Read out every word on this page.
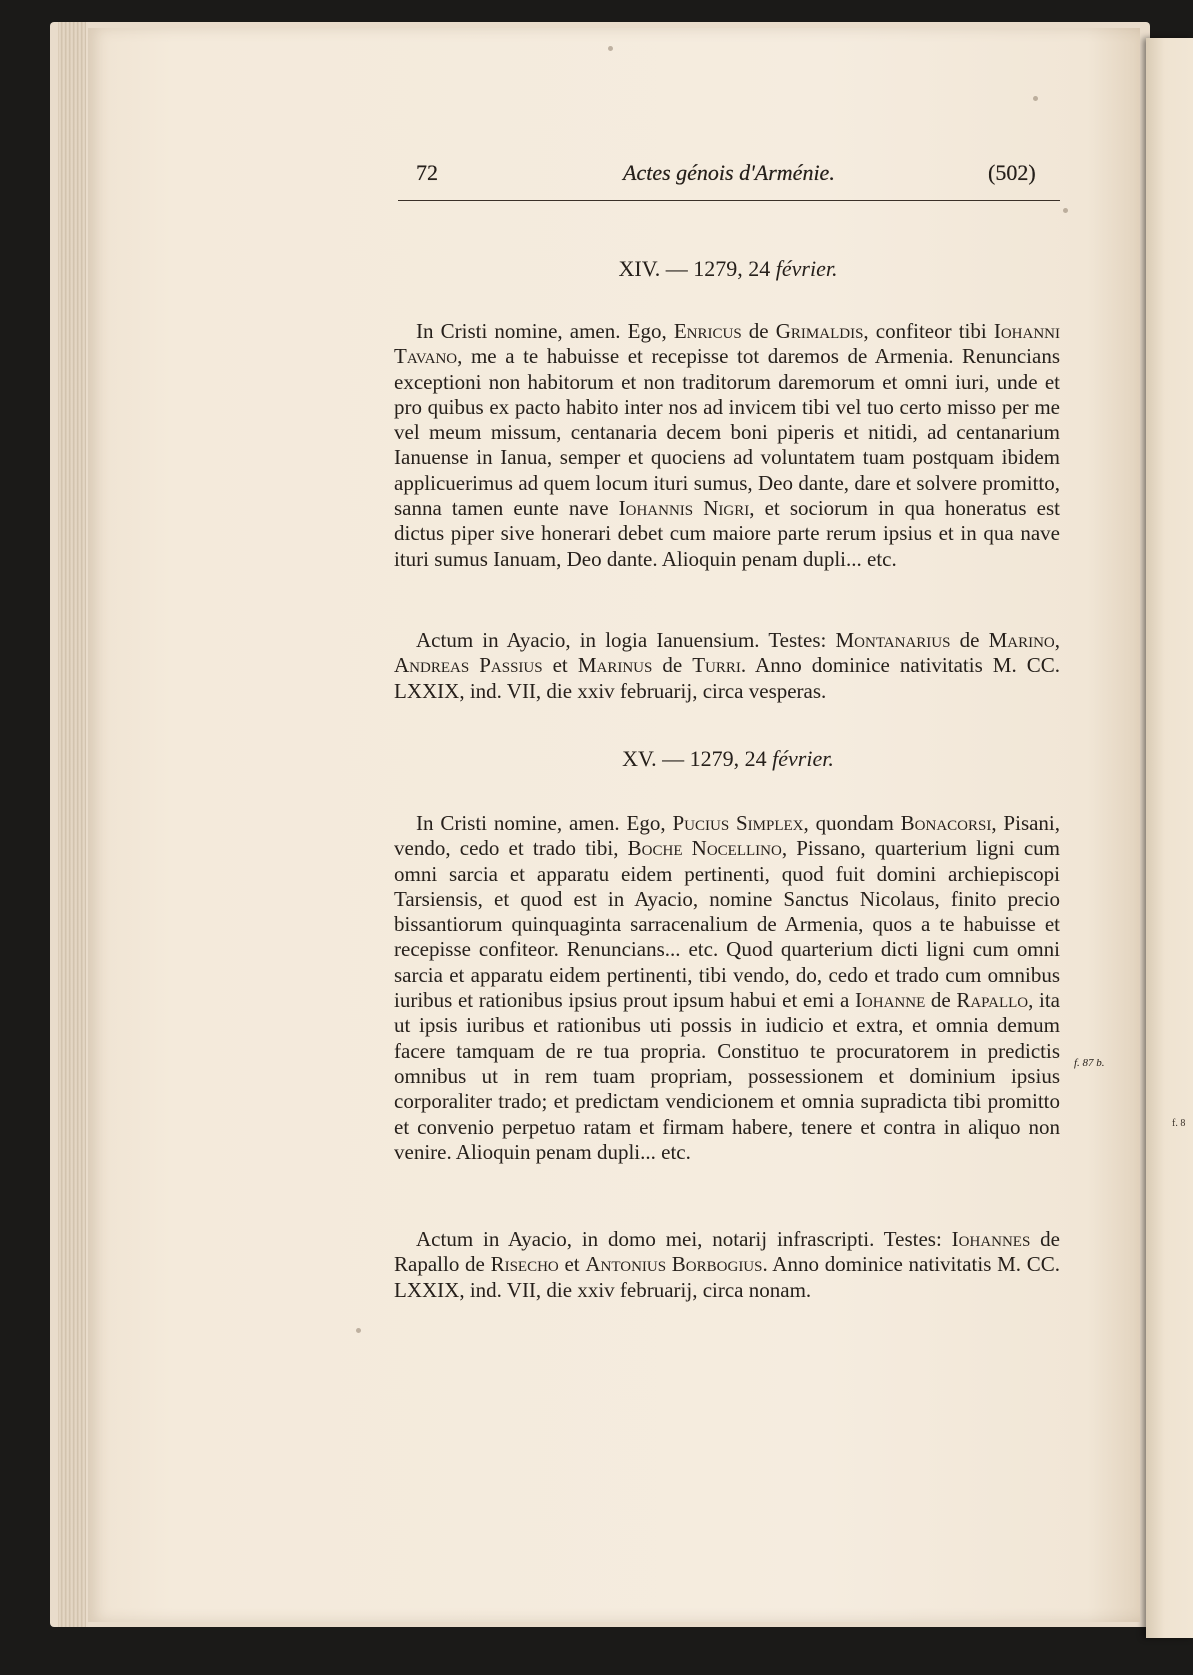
f. 8
72	Actes génois d'Arménie.	(502)
XIV. — 1279, 24 février.

In Cristi nomine, amen. Ego, Enricus de Grimaldis, confiteor tibi Iohanni Tavano, me a te habuisse et recepisse tot daremos de Armenia. Renuncians exceptioni non habitorum et non traditorum daremorum et omni iuri, unde et pro quibus ex pacto habito inter nos ad invicem tibi vel tuo certo misso per me vel meum missum, centanaria decem boni piperis et nitidi, ad centanarium Ianuense in Ianua, semper et quociens ad voluntatem tuam postquam ibidem applicuerimus ad quem locum ituri sumus, Deo dante, dare et solvere promitto, sanna tamen eunte nave Iohannis Nigri, et sociorum in qua honeratus est dictus piper sive honerari debet cum maiore parte rerum ipsius et in qua nave ituri sumus Ianuam, Deo dante. Alioquin penam dupli... etc.

Actum in Ayacio, in logia Ianuensium. Testes: Montanarius de Marino, Andreas Passius et Marinus de Turri. Anno dominice nativitatis M. CC. LXXIX, ind. VII, die xxiv februarij, circa vesperas.

XV. — 1279, 24 février.

In Cristi nomine, amen. Ego, Pucius Simplex, quondam Bonacorsi, Pisani, vendo, cedo et trado tibi, Boche Nocellino, Pissano, quarterium ligni cum omni sarcia et apparatu eidem pertinenti, quod fuit domini archiepiscopi Tarsiensis, et quod est in Ayacio, nomine Sanctus Nicolaus, finito precio bissantiorum quinquaginta sarracenalium de Armenia, quos a te habuisse et recepisse confiteor. Renuncians... etc. Quod quarterium dicti ligni cum omni sarcia et apparatu eidem pertinenti, tibi vendo, do, cedo et trado cum omnibus iuribus et rationibus ipsius prout ipsum habui et emi a Iohanne de Rapallo, ita ut ipsis iuribus et rationibus uti possis in iudicio et extra, et omnia demum facere tamquam de re tua propria. Constituo te procuratorem in predictis omnibus ut in rem tuam propriam, possessionem et dominium ipsius corporaliter trado; et predictam vendicionem et omnia supradicta tibi promitto et convenio perpetuo ratam et firmam habere, tenere et contra in aliquo non venire. Alioquin penam dupli... etc.

Actum in Ayacio, in domo mei, notarij infrascripti. Testes: Iohannes de Rapallo de Risecho et Antonius Borbogius. Anno dominice nativitatis M. CC. LXXIX, ind. VII, die xxiv februarij, circa nonam.

f. 87 b.
